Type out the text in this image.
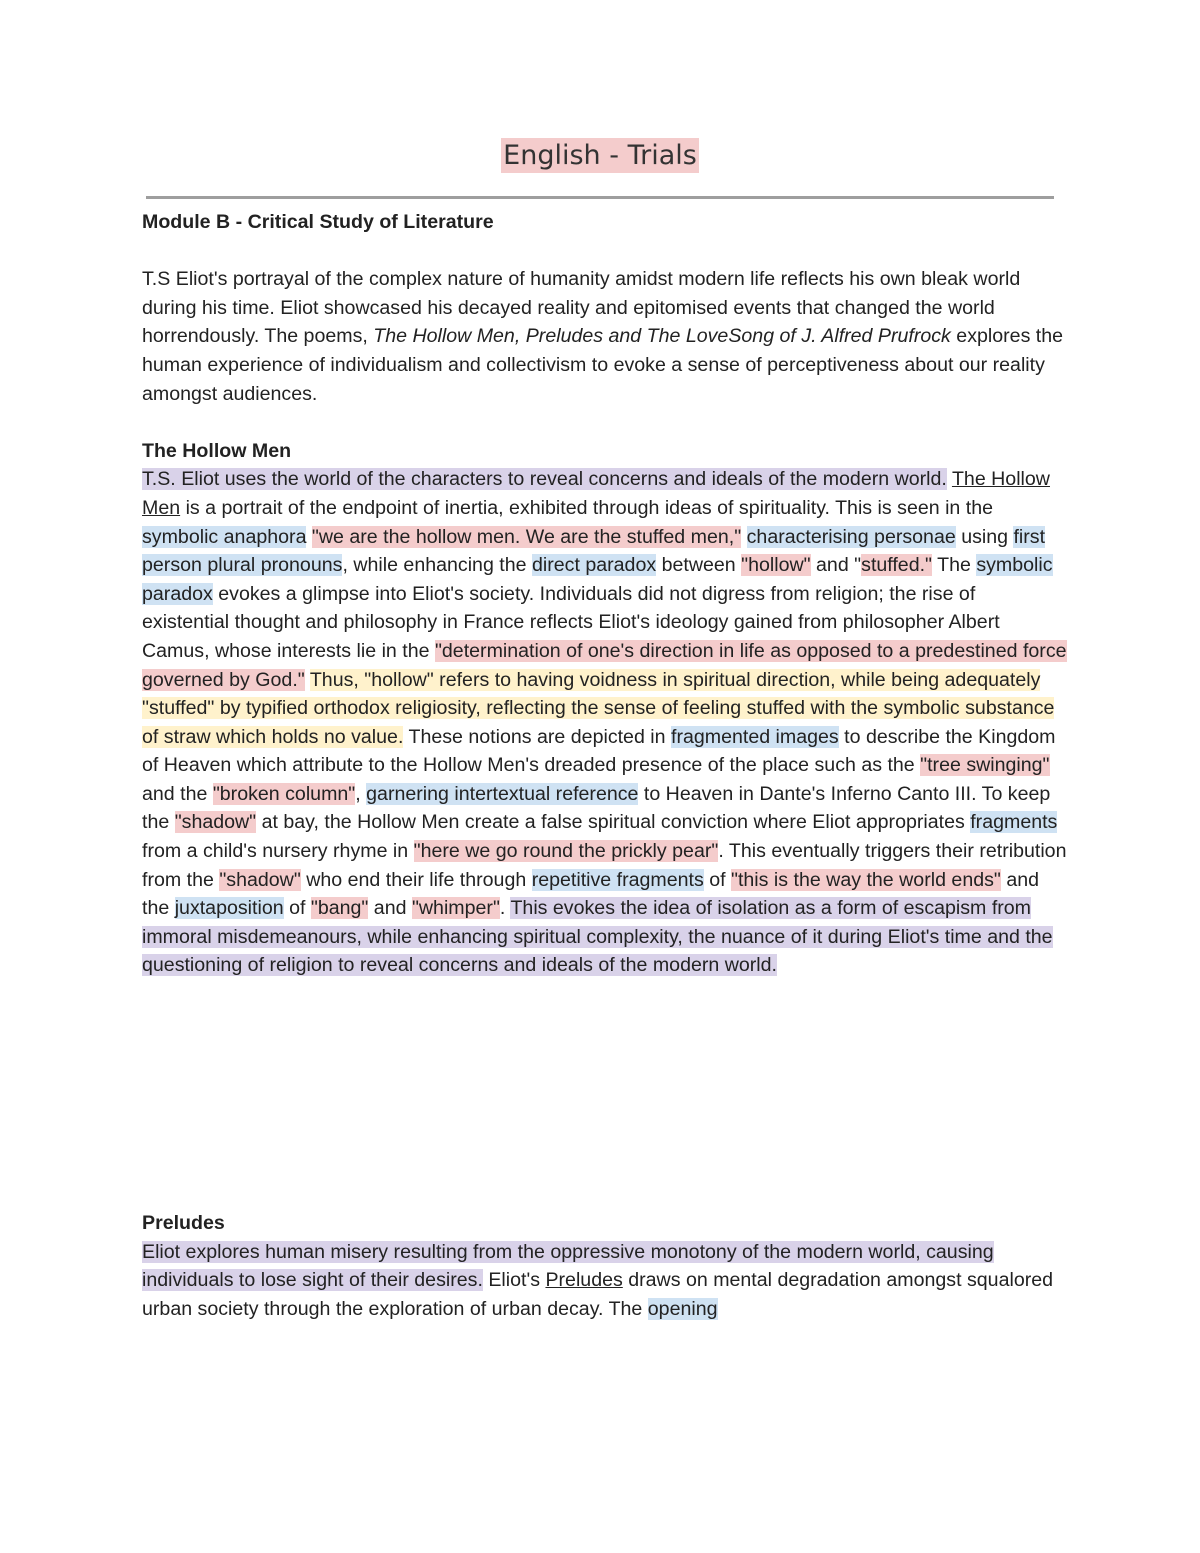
English - Trials

Module B - Critical Study of Literature

T.S Eliot's portrayal of the complex nature of humanity amidst modern life reflects his own bleak world during his time. Eliot showcased his decayed reality and epitomised events that changed the world horrendously. The poems, The Hollow Men, Preludes and The LoveSong of J. Alfred Prufrock explores the human experience of individualism and collectivism to evoke a sense of perceptiveness about our reality amongst audiences.

The Hollow Men

T.S. Eliot uses the world of the characters to reveal concerns and ideals of the modern world. The Hollow Men is a portrait of the endpoint of inertia, exhibited through ideas of spirituality. This is seen in the symbolic anaphora "we are the hollow men. We are the stuffed men," characterising personae using first person plural pronouns, while enhancing the direct paradox between "hollow" and "stuffed." The symbolic paradox evokes a glimpse into Eliot's society. Individuals did not digress from religion; the rise of existential thought and philosophy in France reflects Eliot's ideology gained from philosopher Albert Camus, whose interests lie in the "determination of one's direction in life as opposed to a predestined force governed by God." Thus, "hollow" refers to having voidness in spiritual direction, while being adequately "stuffed" by typified orthodox religiosity, reflecting the sense of feeling stuffed with the symbolic substance of straw which holds no value. These notions are depicted in fragmented images to describe the Kingdom of Heaven which attribute to the Hollow Men's dreaded presence of the place such as the "tree swinging" and the "broken column", garnering intertextual reference to Heaven in Dante's Inferno Canto III. To keep the "shadow" at bay, the Hollow Men create a false spiritual conviction where Eliot appropriates fragments from a child's nursery rhyme in "here we go round the prickly pear". This eventually triggers their retribution from the "shadow" who end their life through repetitive fragments of "this is the way the world ends" and the juxtaposition of "bang" and "whimper". This evokes the idea of isolation as a form of escapism from immoral misdemeanours, while enhancing spiritual complexity, the nuance of it during Eliot's time and the questioning of religion to reveal concerns and ideals of the modern world.

Preludes

Eliot explores human misery resulting from the oppressive monotony of the modern world, causing individuals to lose sight of their desires. Eliot's Preludes draws on mental degradation amongst squalored urban society through the exploration of urban decay. The opening
